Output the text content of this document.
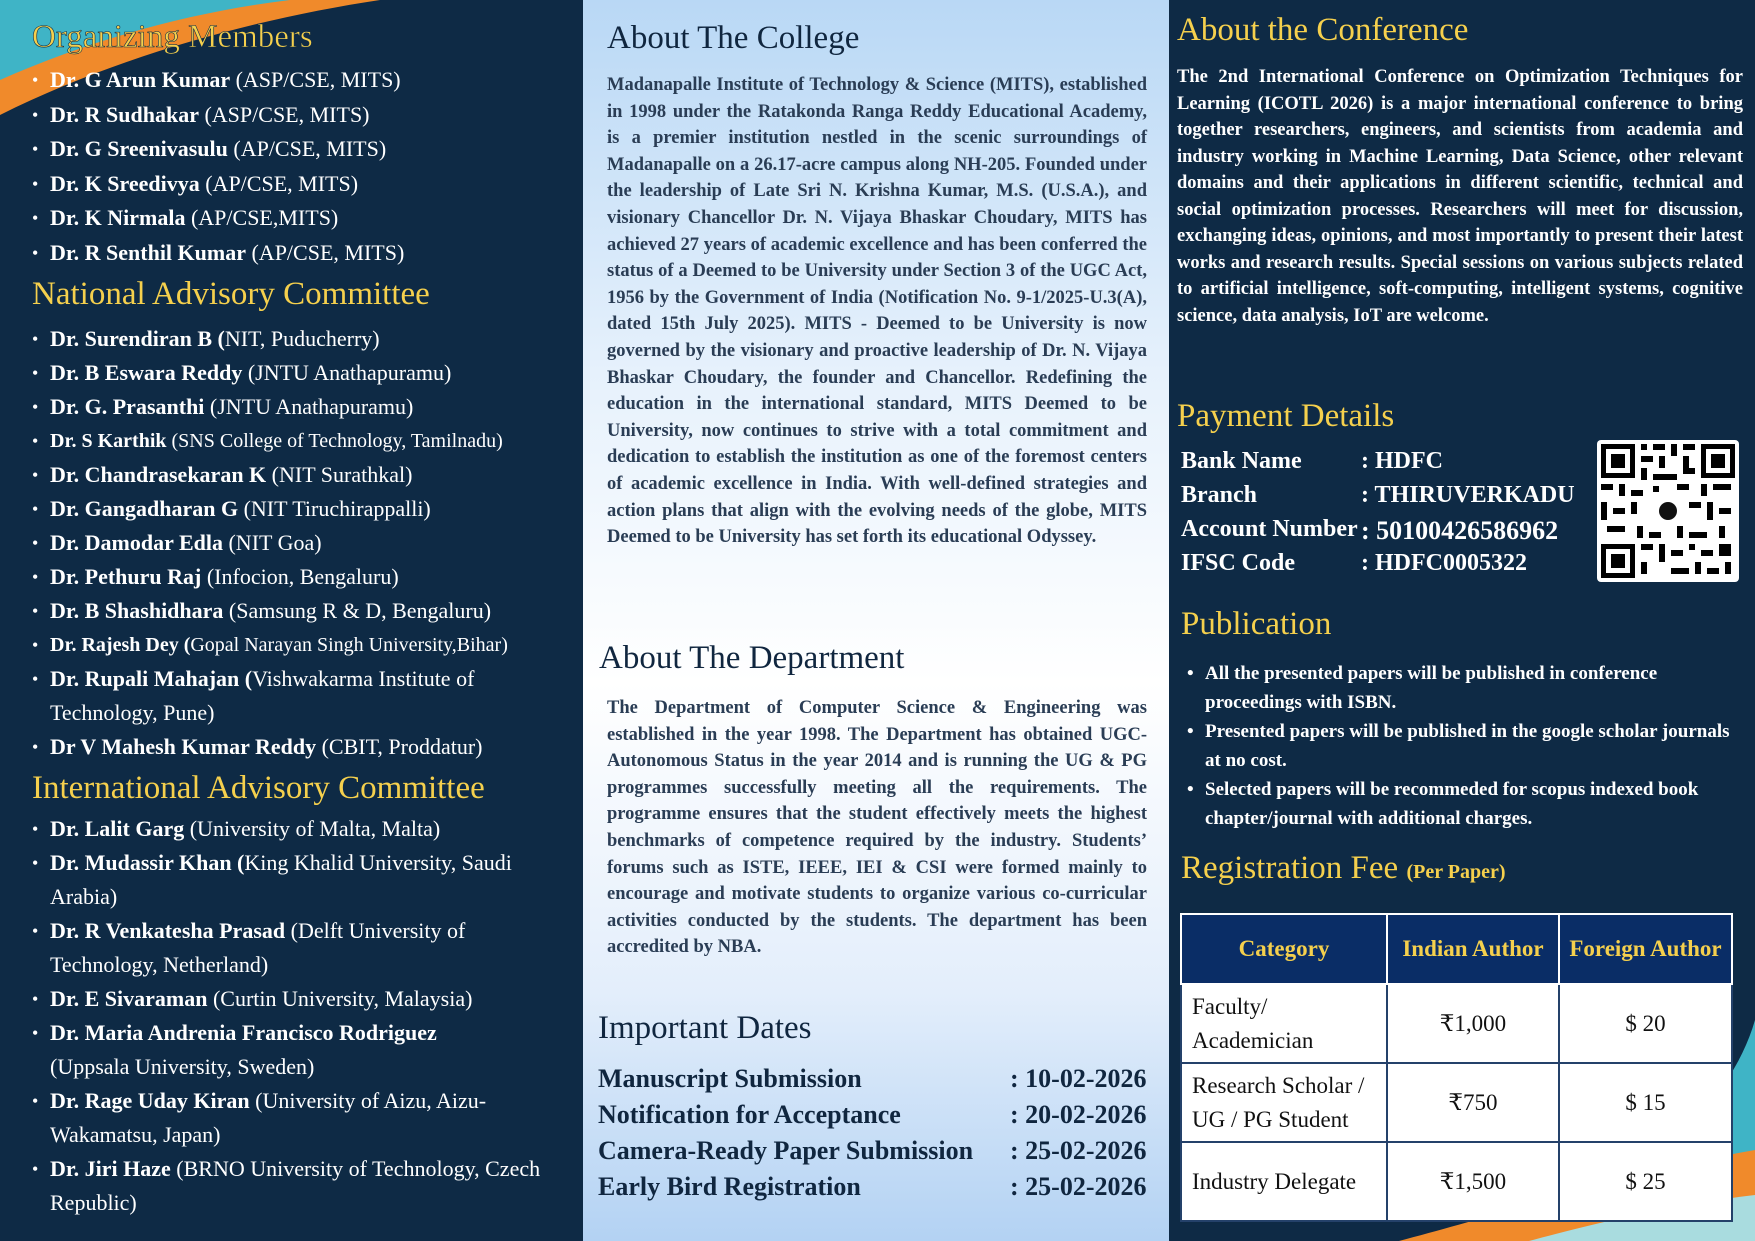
Organizing Members
• Dr. G Arun Kumar (ASP/CSE, MITS)
• Dr. R Sudhakar (ASP/CSE, MITS)
• Dr. G Sreenivasulu (AP/CSE, MITS)
• Dr. K Sreedivya (AP/CSE, MITS)
• Dr. K Nirmala (AP/CSE,MITS)
• Dr. R Senthil Kumar (AP/CSE, MITS)
National Advisory Committee
• Dr. Surendiran B (NIT, Puducherry)
• Dr. B Eswara Reddy (JNTU Anathapuramu)
• Dr. G. Prasanthi (JNTU Anathapuramu)
• Dr. S Karthik (SNS College of Technology, Tamilnadu)
• Dr. Chandrasekaran K (NIT Surathkal)
• Dr. Gangadharan G (NIT Tiruchirappalli)
• Dr. Damodar Edla (NIT Goa)
• Dr. Pethuru Raj (Infocion, Bengaluru)
• Dr. B Shashidhara (Samsung R & D, Bengaluru)
• Dr. Rajesh Dey (Gopal Narayan Singh University,Bihar)
• Dr. Rupali Mahajan (Vishwakarma Institute of Technology, Pune)
• Dr V Mahesh Kumar Reddy (CBIT, Proddatur)
International Advisory Committee
• Dr. Lalit Garg (University of Malta, Malta)
• Dr. Mudassir Khan (King Khalid University, Saudi Arabia)
• Dr. R Venkatesha Prasad (Delft University of Technology, Netherland)
• Dr. E Sivaraman (Curtin University, Malaysia)
• Dr. Maria Andrenia Francisco Rodriguez (Uppsala University, Sweden)
• Dr. Rage Uday Kiran (University of Aizu, Aizu-Wakamatsu, Japan)
• Dr. Jiri Haze (BRNO University of Technology, Czech Republic)
About The College

Madanapalle Institute of Technology & Science (MITS), established in 1998 under the Ratakonda Ranga Reddy Educational Academy, is a premier institution nestled in the scenic surroundings of Madanapalle on a 26.17-acre campus along NH-205. Founded under the leadership of Late Sri N. Krishna Kumar, M.S. (U.S.A.), and visionary Chancellor Dr. N. Vijaya Bhaskar Choudary, MITS has achieved 27 years of academic excellence and has been conferred the status of a Deemed to be University under Section 3 of the UGC Act, 1956 by the Government of India (Notification No. 9-1/2025-U.3(A), dated 15th July 2025). MITS - Deemed to be University is now governed by the visionary and proactive leadership of Dr. N. Vijaya Bhaskar Choudary, the founder and Chancellor. Redefining the education in the international standard, MITS Deemed to be University, now continues to strive with a total commitment and dedication to establish the institution as one of the foremost centers of academic excellence in India. With well-defined strategies and action plans that align with the evolving needs of the globe, MITS Deemed to be University has set forth its educational Odyssey.

About The Department

The Department of Computer Science & Engineering was established in the year 1998. The Department has obtained UGC-Autonomous Status in the year 2014 and is running the UG & PG programmes successfully meeting all the requirements. The programme ensures that the student effectively meets the highest benchmarks of competence required by the industry. Students’ forums such as ISTE, IEEE, IEI & CSI were formed mainly to encourage and motivate students to organize various co-curricular activities conducted by the students. The department has been accredited by NBA.

Important Dates
Manuscript Submission	: 10-02-2026
Notification for Acceptance	: 20-02-2026
Camera-Ready Paper Submission : 25-02-2026
Early Bird Registration	: 25-02-2026
About the Conference

The 2nd International Conference on Optimization Techniques for Learning (ICOTL 2026) is a major international conference to bring together researchers, engineers, and scientists from academia and industry working in Machine Learning, Data Science, other relevant domains and their applications in different scientific, technical and social optimization processes. Researchers will meet for discussion, exchanging ideas, opinions, and most importantly to present their latest works and research results. Special sessions on various subjects related to artificial intelligence, soft-computing, intelligent systems, cognitive science, data analysis, IoT are welcome.

Payment Details
Bank Name : HDFC
Branch	: THIRUVERKADU
Account Number : 50100426586962
IFSC Code	: HDFC0005322
Publication
• All the presented papers will be published in conference proceedings with ISBN.
• Presented papers will be published in the google scholar journals at no cost.
• Selected papers will be recommeded for scopus indexed book chapter/journal with additional charges.
Registration Fee (Per Paper)
Category	Indian Author	Foreign Author
Faculty/ Academician	₹1,000	$ 20
Research Scholar / UG / PG Student	₹750	$ 15
Industry Delegate	₹1,500	$ 25
